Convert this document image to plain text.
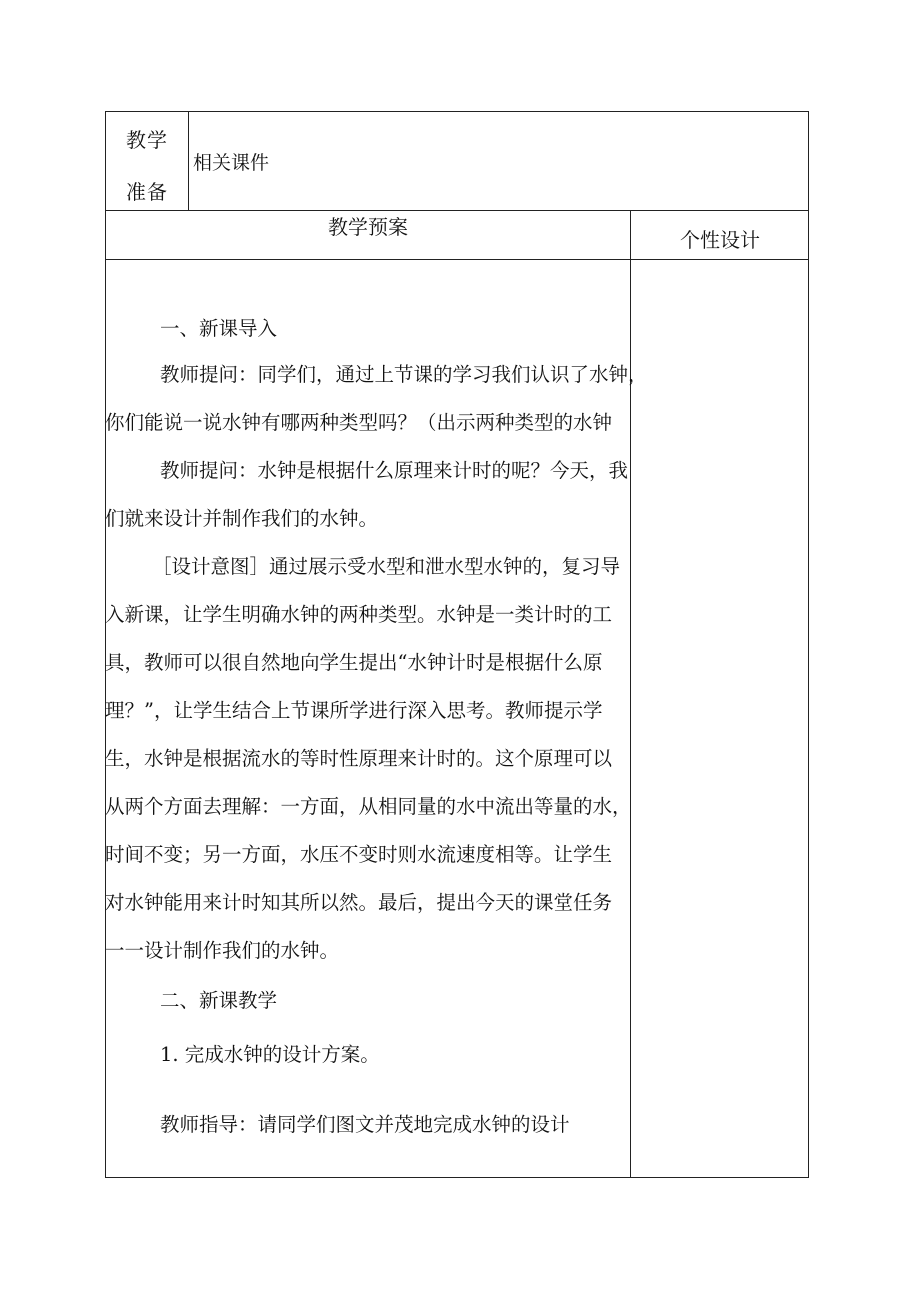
教学
准备
相关课件
教学预案
个性设计
一、新课导入
教师提问：同学们，通过上节课的学习我们认识了水钟，
你们能说一说水钟有哪两种类型吗？（出示两种类型的水钟
教师提问：水钟是根据什么原理来计时的呢？今天，我
们就来设计并制作我们的水钟。
［设计意图］通过展示受水型和泄水型水钟的，复习导
入新课，让学生明确水钟的两种类型。水钟是一类计时的工
具，教师可以很自然地向学生提出“水钟计时是根据什么原
理？”，让学生结合上节课所学进行深入思考。教师提示学
生，水钟是根据流水的等时性原理来计时的。这个原理可以
从两个方面去理解：一方面，从相同量的水中流出等量的水，
时间不变；另一方面，水压不变时则水流速度相等。让学生
对水钟能用来计时知其所以然。最后，提出今天的课堂任务
一一设计制作我们的水钟。
二、新课教学
1. 完成水钟的设计方案。
教师指导：请同学们图文并茂地完成水钟的设计
